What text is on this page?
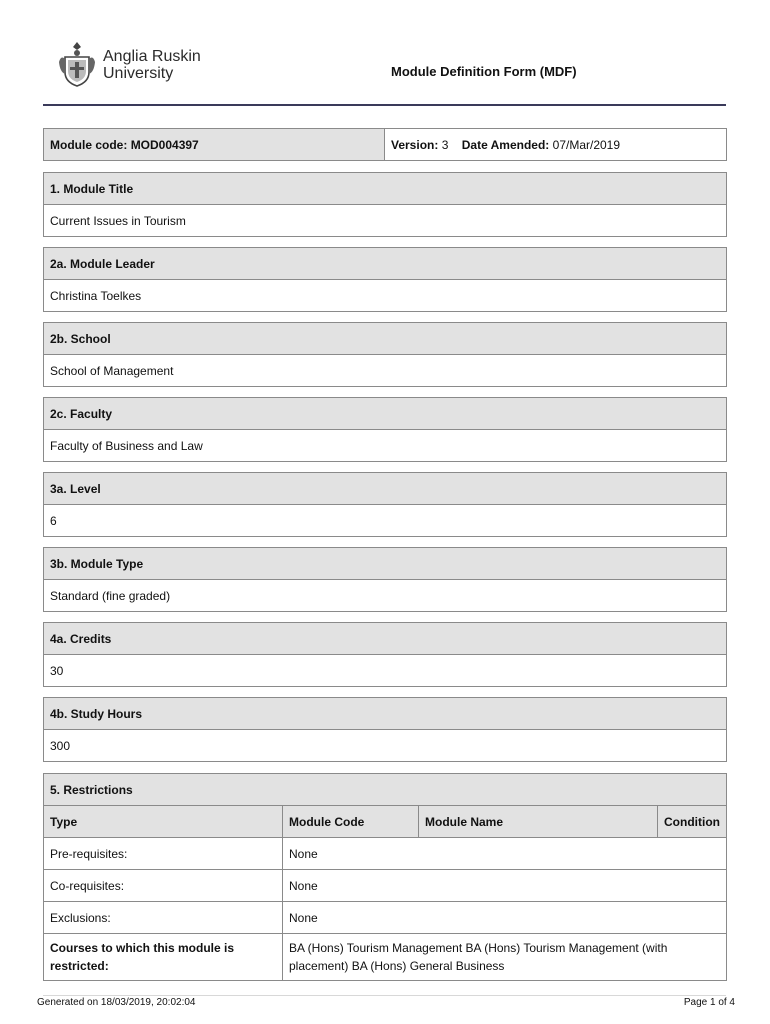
Anglia Ruskin
University	Module Definition Form (MDF)
Module code: MOD004397	Version: 3 Date Amended: 07/Mar/2019
1. Module Title
Current Issues in Tourism
2a. Module Leader
Christina Toelkes
2b. School
School of Management
2c. Faculty
Faculty of Business and Law
3a. Level
6
3b. Module Type
Standard (fine graded)
4a. Credits
30
4b. Study Hours
300
5. Restrictions			
Type	Module Code	Module Name	Condition
Pre-requisites:	None		
Co-requisites:	None		
Exclusions:	None		
Courses to which this module is restricted:	BA (Hons) Tourism Management BA (Hons) Tourism Management (with placement) BA (Hons) General Business		
Generated on 18/03/2019, 20:02:04	Page 1 of 4
